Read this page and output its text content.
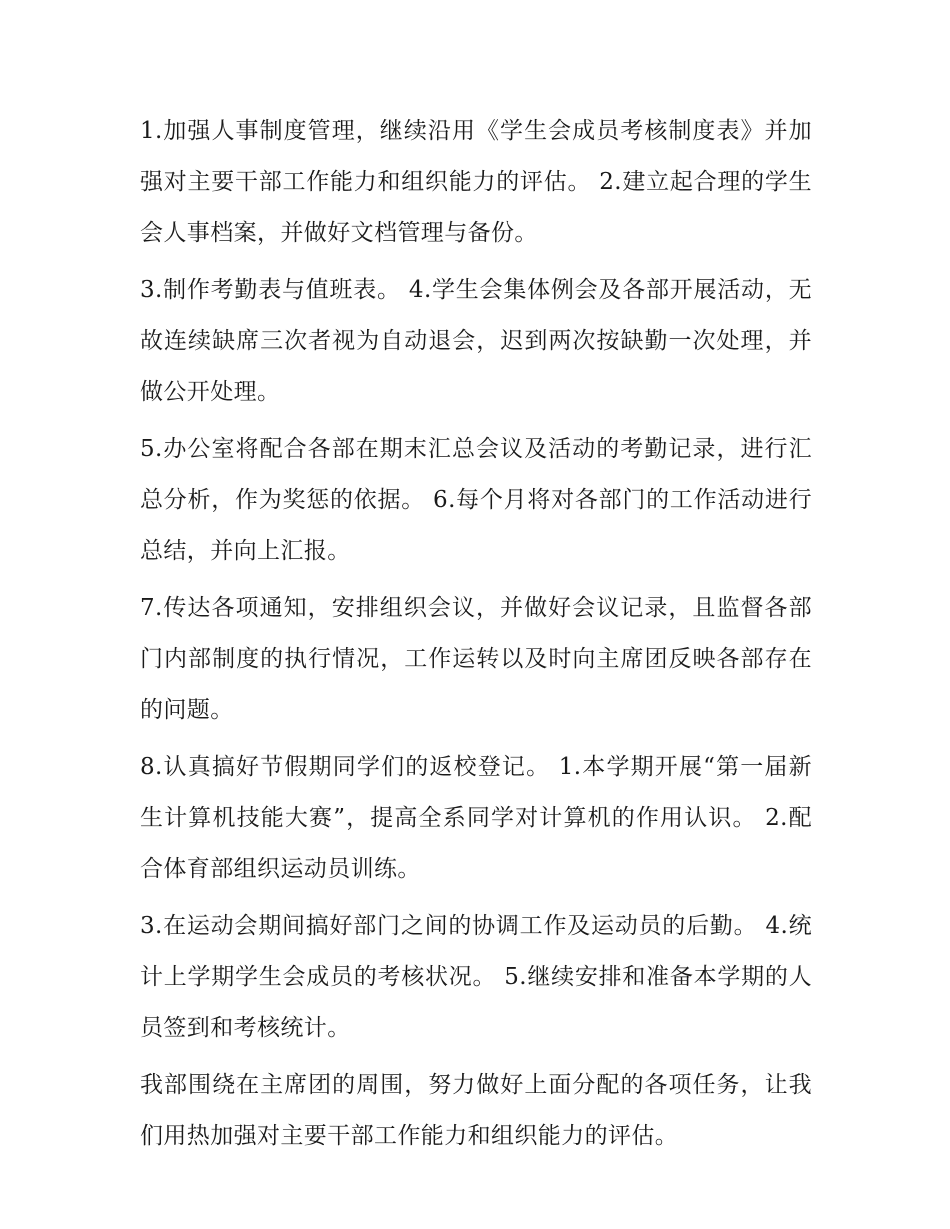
1.加强人事制度管理，继续沿用《学生会成员考核制度表》并加强对主要干部工作能力和组织能力的评估。 2.建立起合理的学生会人事档案，并做好文档管理与备份。

3.制作考勤表与值班表。 4.学生会集体例会及各部开展活动，无故连续缺席三次者视为自动退会，迟到两次按缺勤一次处理，并做公开处理。

5.办公室将配合各部在期末汇总会议及活动的考勤记录，进行汇总分析，作为奖惩的依据。 6.每个月将对各部门的工作活动进行总结，并向上汇报。

7.传达各项通知，安排组织会议，并做好会议记录，且监督各部门内部制度的执行情况，工作运转以及时向主席团反映各部存在的问题。

8.认真搞好节假期同学们的返校登记。 1.本学期开展“第一届新生计算机技能大赛”，提高全系同学对计算机的作用认识。 2.配合体育部组织运动员训练。

3.在运动会期间搞好部门之间的协调工作及运动员的后勤。 4.统计上学期学生会成员的考核状况。 5.继续安排和准备本学期的人员签到和考核统计。

我部围绕在主席团的周围，努力做好上面分配的各项任务，让我们用热加强对主要干部工作能力和组织能力的评估。
